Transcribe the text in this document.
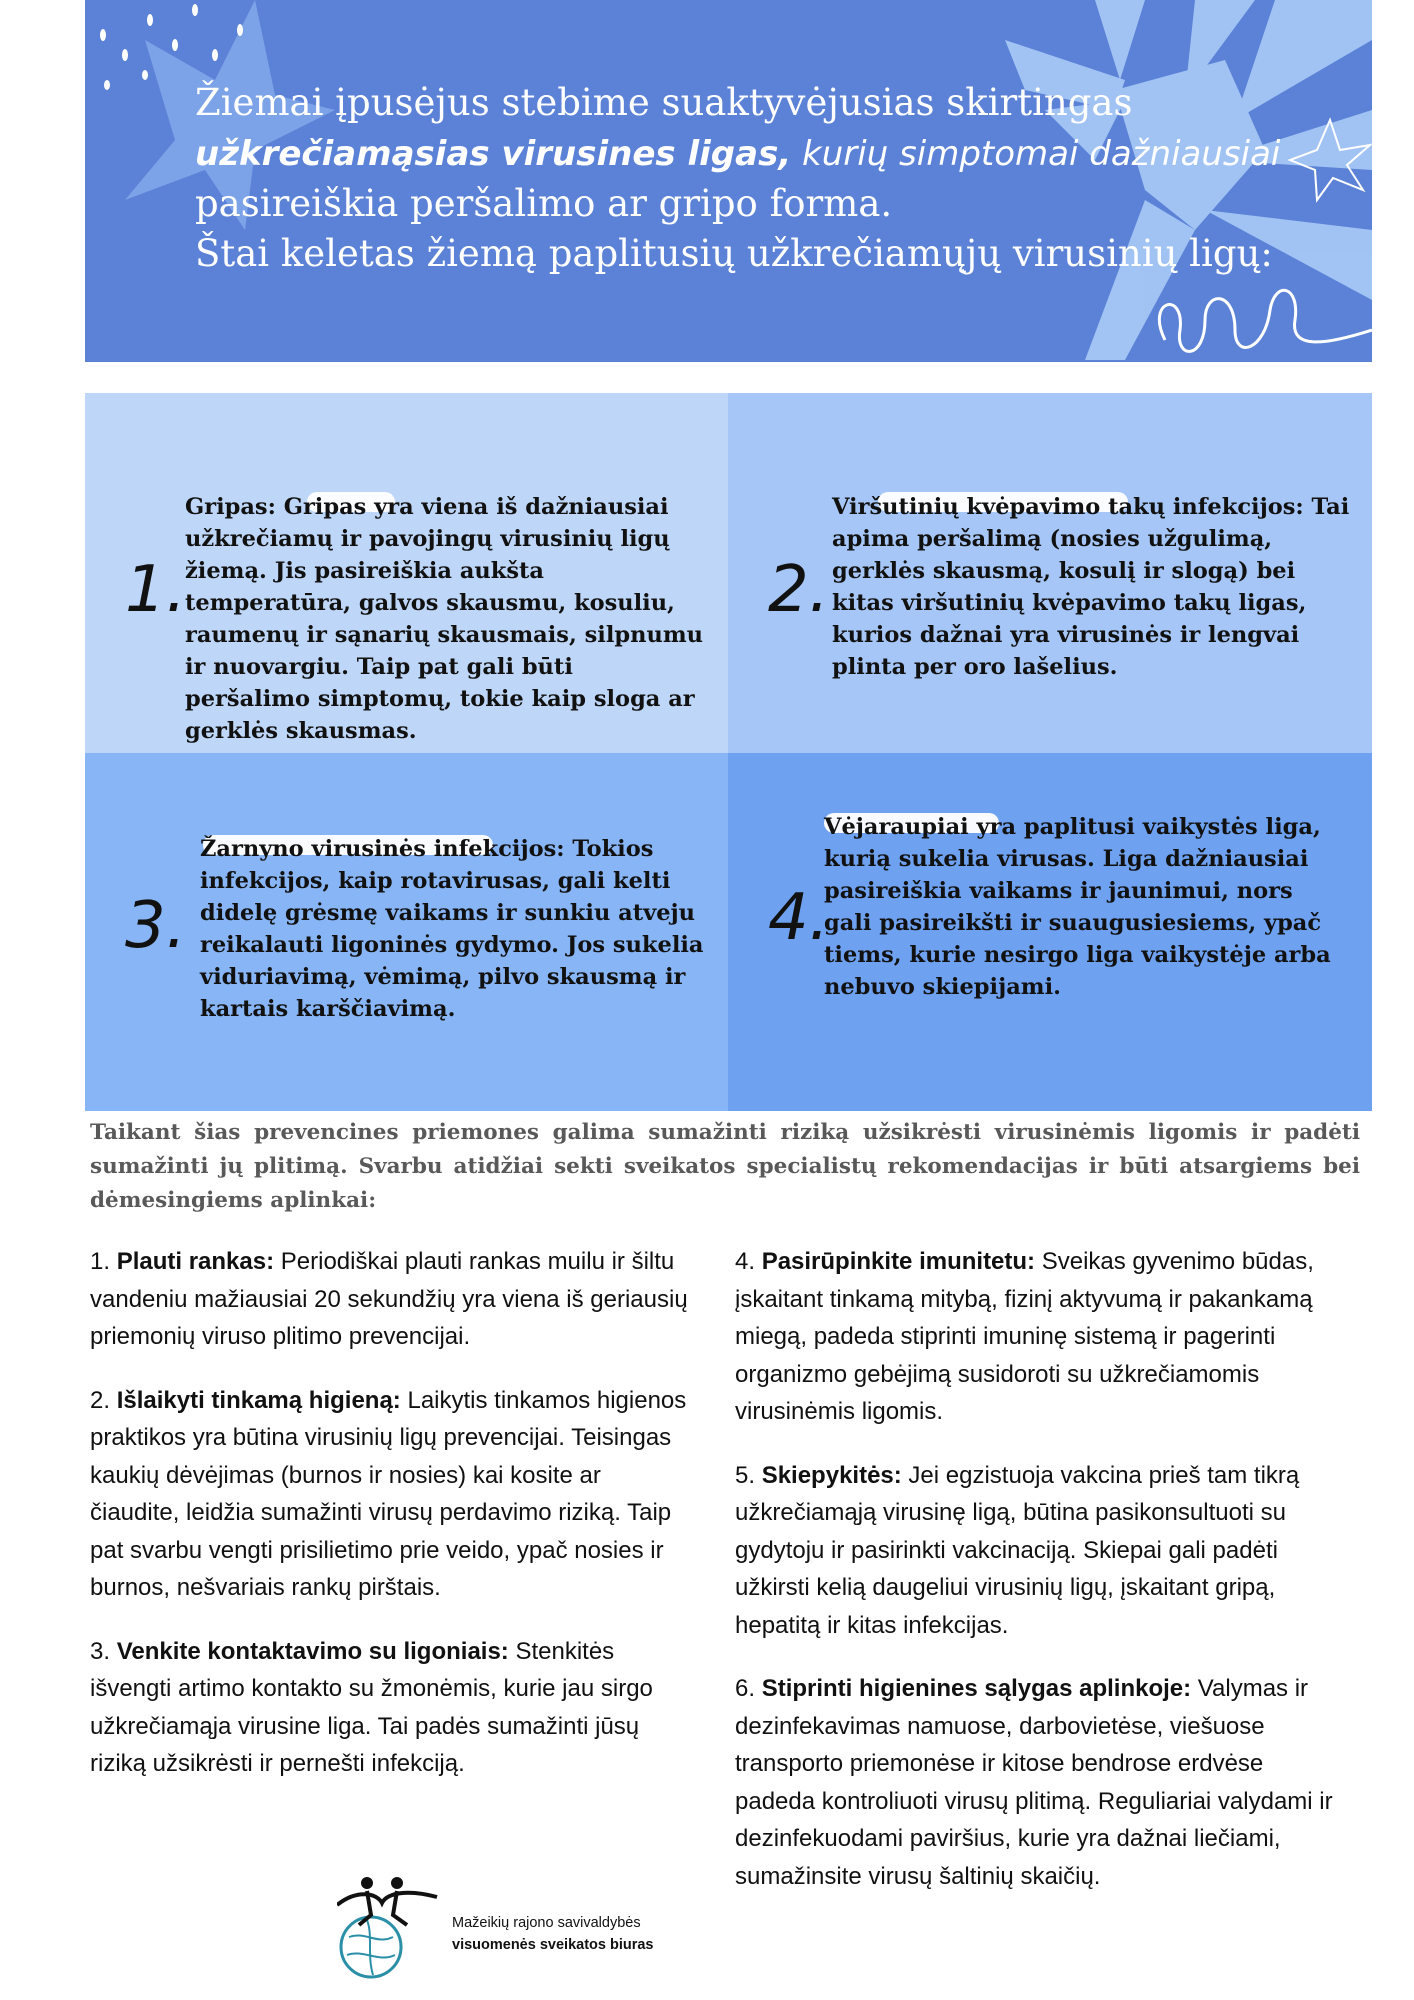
Žiemai įpusėjus stebime suaktyvėjusias skirtingas
užkrečiamąsias virusines ligas, kurių simptomai dažniausiai
pasireiškia peršalimo ar gripo forma.
Štai keletas žiemą paplitusių užkrečiamųjų virusinių ligų:
1.
Gripas: Gripas yra viena iš dažniausiai užkrečiamų ir pavojingų virusinių ligų žiemą. Jis pasireiškia aukšta temperatūra, galvos skausmu, kosuliu, raumenų ir sąnarių skausmais, silpnumu ir nuovargiu. Taip pat gali būti peršalimo simptomų, tokie kaip sloga ar gerklės skausmas.
2.
Viršutinių kvėpavimo takų infekcijos: Tai apima peršalimą (nosies užgulimą, gerklės skausmą, kosulį ir slogą) bei kitas viršutinių kvėpavimo takų ligas, kurios dažnai yra virusinės ir lengvai plinta per oro lašelius.
3.
Žarnyno virusinės infekcijos: Tokios infekcijos, kaip rotavirusas, gali kelti didelę grėsmę vaikams ir sunkiu atveju reikalauti ligoninės gydymo. Jos sukelia viduriavimą, vėmimą, pilvo skausmą ir kartais karščiavimą.
4.
Vėjaraupiai yra paplitusi vaikystės liga, kurią sukelia virusas. Liga dažniausiai pasireiškia vaikams ir jaunimui, nors gali pasireikšti ir suaugusiesiems, ypač tiems, kurie nesirgo liga vaikystėje arba nebuvo skiepijami.
Taikant šias prevencines priemones galima sumažinti riziką užsikrėsti virusinėmis ligomis ir padėti sumažinti jų plitimą. Svarbu atidžiai sekti sveikatos specialistų rekomendacijas ir būti atsargiems bei dėmesingiems aplinkai:

1. Plauti rankas: Periodiškai plauti rankas muilu ir šiltu vandeniu mažiausiai 20 sekundžių yra viena iš geriausių priemonių viruso plitimo prevencijai.

2. Išlaikyti tinkamą higieną: Laikytis tinkamos higienos praktikos yra būtina virusinių ligų prevencijai. Teisingas kaukių dėvėjimas (burnos ir nosies) kai kosite ar čiaudite, leidžia sumažinti virusų perdavimo riziką. Taip pat svarbu vengti prisilietimo prie veido, ypač nosies ir burnos, nešvariais rankų pirštais.

3. Venkite kontaktavimo su ligoniais: Stenkitės išvengti artimo kontakto su žmonėmis, kurie jau sirgo užkrečiamąja virusine liga. Tai padės sumažinti jūsų riziką užsikrėsti ir pernešti infekciją.

4. Pasirūpinkite imunitetu: Sveikas gyvenimo būdas, įskaitant tinkamą mitybą, fizinį aktyvumą ir pakankamą miegą, padeda stiprinti imuninę sistemą ir pagerinti organizmo gebėjimą susidoroti su užkrečiamomis virusinėmis ligomis.

5. Skiepykitės: Jei egzistuoja vakcina prieš tam tikrą užkrečiamąją virusinę ligą, būtina pasikonsultuoti su gydytoju ir pasirinkti vakcinaciją. Skiepai gali padėti užkirsti kelią daugeliui virusinių ligų, įskaitant gripą, hepatitą ir kitas infekcijas.

6. Stiprinti higienines sąlygas aplinkoje: Valymas ir dezinfekavimas namuose, darbovietėse, viešuose transporto priemonėse ir kitose bendrose erdvėse padeda kontroliuoti virusų plitimą. Reguliariai valydami ir dezinfekuodami paviršius, kurie yra dažnai liečiami, sumažinsite virusų šaltinių skaičių.

Mažeikių rajono savivaldybės
visuomenės sveikatos biuras
